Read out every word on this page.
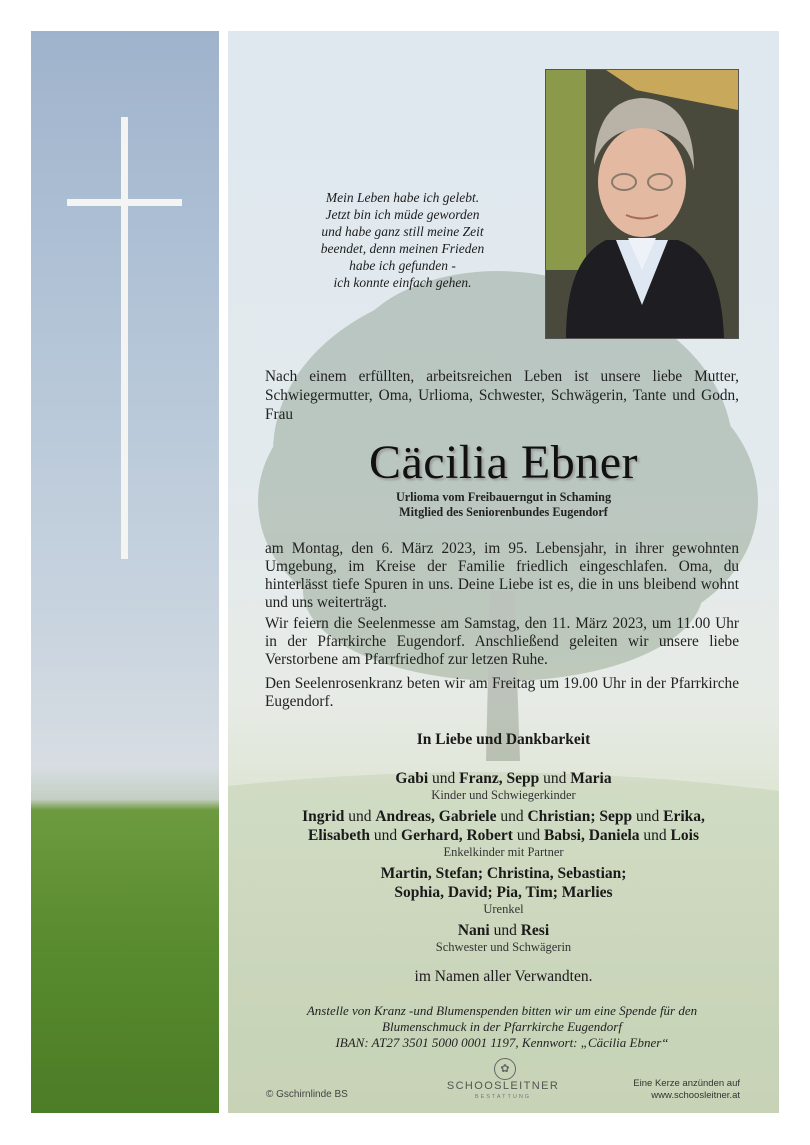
Mein Leben habe ich gelebt.
Jetzt bin ich müde geworden
und habe ganz still meine Zeit
beendet, denn meinen Frieden
habe ich gefunden -
ich konnte einfach gehen.
Nach einem erfüllten, arbeitsreichen Leben ist unsere liebe Mutter, Schwiegermutter, Oma, Urlioma, Schwester, Schwägerin, Tante und Godn, Frau
Cäcilia Ebner
Urlioma vom Freibauerngut in Schaming
Mitglied des Seniorenbundes Eugendorf
am Montag, den 6. März 2023, im 95. Lebensjahr, in ihrer gewohnten Umgebung, im Kreise der Familie friedlich eingeschlafen. Oma, du hinterlässt tiefe Spuren in uns. Deine Liebe ist es, die in uns bleibend wohnt und uns weiterträgt.
Wir feiern die Seelenmesse am Samstag, den 11. März 2023, um 11.00 Uhr in der Pfarrkirche Eugendorf. Anschließend geleiten wir unsere liebe Verstorbene am Pfarrfriedhof zur letzen Ruhe.
Den Seelenrosenkranz beten wir am Freitag um 19.00 Uhr in der Pfarrkirche Eugendorf.
In Liebe und Dankbarkeit
Gabi und Franz, Sepp und Maria
Kinder und Schwiegerkinder
Ingrid und Andreas, Gabriele und Christian; Sepp und Erika,
Elisabeth und Gerhard, Robert und Babsi, Daniela und Lois
Enkelkinder mit Partner
Martin, Stefan; Christina, Sebastian;
Sophia, David; Pia, Tim; Marlies
Urenkel
Nani und Resi
Schwester und Schwägerin
im Namen aller Verwandten.
Anstelle von Kranz -und Blumenspenden bitten wir um eine Spende für den
Blumenschmuck in der Pfarrkirche Eugendorf
IBAN: AT27 3501 5000 0001 1197, Kennwort: „Cäcilia Ebner“
© Gschirnlinde BS
✿
SCHOOSLEITNER
BESTATTUNG
Eine Kerze anzünden auf
www.schoosleitner.at
